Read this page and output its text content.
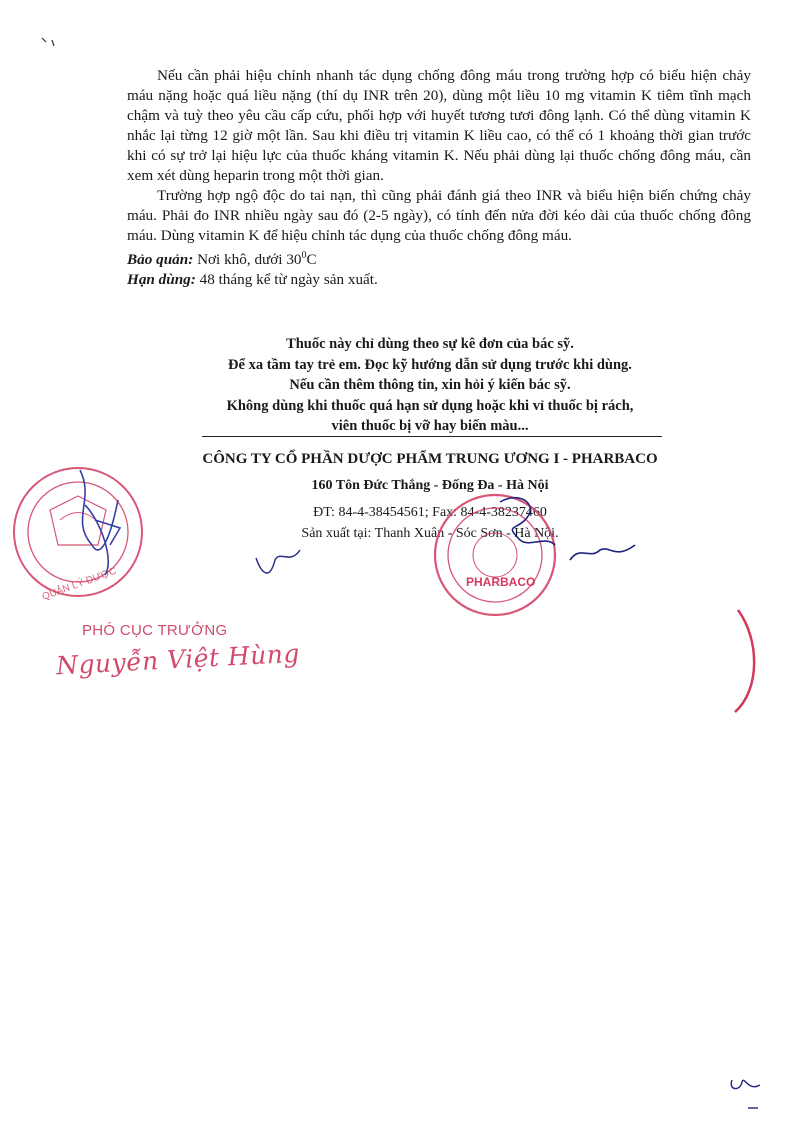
Nếu cần phải hiệu chỉnh nhanh tác dụng chống đông máu trong trường hợp có biểu hiện chảy máu nặng hoặc quá liều nặng (thí dụ INR trên 20), dùng một liều 10 mg vitamin K tiêm tĩnh mạch chậm và tuỳ theo yêu cầu cấp cứu, phối hợp với huyết tương tươi đông lạnh. Có thể dùng vitamin K nhắc lại từng 12 giờ một lần. Sau khi điều trị vitamin K liều cao, có thể có 1 khoảng thời gian trước khi có sự trở lại hiệu lực của thuốc kháng vitamin K. Nếu phải dùng lại thuốc chống đông máu, cần xem xét dùng heparin trong một thời gian.

Trường hợp ngộ độc do tai nạn, thì cũng phải đánh giá theo INR và biểu hiện biến chứng chảy máu. Phải đo INR nhiều ngày sau đó (2-5 ngày), có tính đến nửa đời kéo dài của thuốc chống đông máu. Dùng vitamin K để hiệu chỉnh tác dụng của thuốc chống đông máu.

Bảo quản: Nơi khô, dưới $30^0C$

Hạn dùng: 48 tháng kể từ ngày sản xuất.

Thuốc này chỉ dùng theo sự kê đơn của bác sỹ.
Để xa tầm tay trẻ em. Đọc kỹ hướng dẫn sử dụng trước khi dùng.
Nếu cần thêm thông tin, xin hỏi ý kiến bác sỹ.
Không dùng khi thuốc quá hạn sử dụng hoặc khi vỉ thuốc bị rách,
viên thuốc bị vỡ hay biến màu...
CÔNG TY CỔ PHẦN DƯỢC PHẨM TRUNG ƯƠNG I - PHARBACO
160 Tôn Đức Thắng - Đống Đa - Hà Nội
ĐT: 84-4-38454561; Fax: 84-4-38237460
Sản xuất tại: Thanh Xuân - Sóc Sơn - Hà Nội.
QUẢN LÝ DƯỢC	PHARBACO
PHÓ CỤC TRƯỞNG
Nguyễn Việt Hùng
